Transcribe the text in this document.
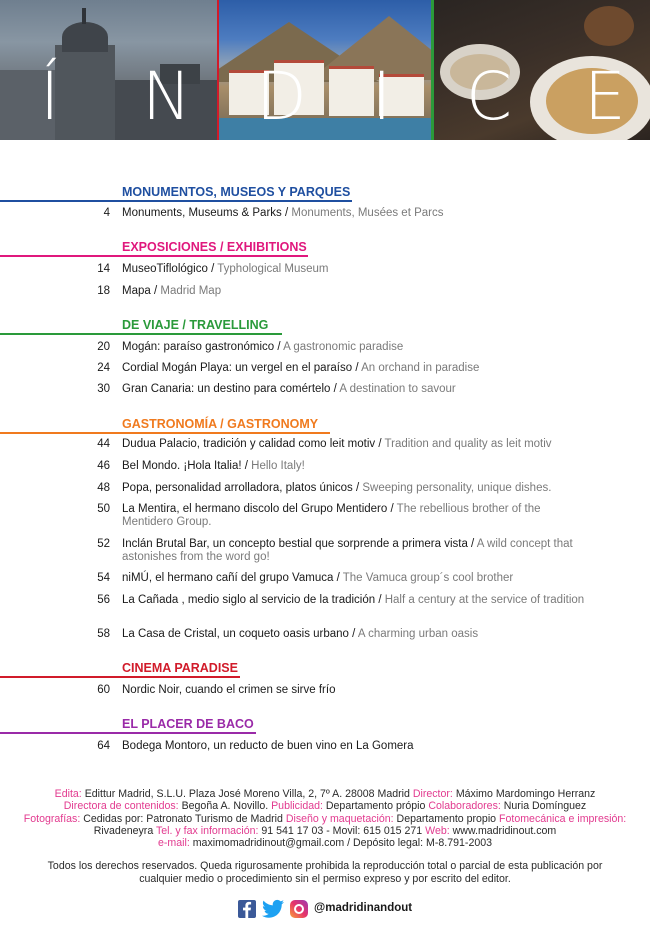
Í N D I C E
MONUMENTOS, MUSEOS Y PARQUES
4 Monuments, Museums & Parks / Monuments, Musées et Parcs
EXPOSICIONES / EXHIBITIONS
14 MuseoTiflológico / Typhological Museum
18 Mapa / Madrid Map
DE VIAJE / TRAVELLING
20 Mogán: paraíso gastronómico / A gastronomic paradise
24 Cordial Mogán Playa: un vergel en el paraíso / An orchand in paradise
30 Gran Canaria: un destino para comértelo / A destination to savour
GASTRONOMÍA / GASTRONOMY
44 Dudua Palacio, tradición y calidad como leit motiv / Tradition and quality as leit motiv
46 Bel Mondo. ¡Hola Italia! / Hello Italy!
48 Popa, personalidad arrolladora, platos únicos / Sweeping personality, unique dishes.
50 La Mentira, el hermano discolo del Grupo Mentidero / The rebellious brother of the Mentidero Group.
52 Inclán Brutal Bar, un concepto bestial que sorprende a primera vista / A wild concept that astonishes from the word go!
54 niMÚ, el hermano cañí del grupo Vamuca / The Vamuca group´s cool brother
56 La Cañada , medio siglo al servicio de la tradición / Half a century at the service of tradition
58 La Casa de Cristal, un coqueto oasis urbano / A charming urban oasis
CINEMA PARADISE
60 Nordic Noir, cuando el crimen se sirve frío
EL PLACER DE BACO
64 Bodega Montoro, un reducto de buen vino en La Gomera
Edita: Edittur Madrid, S.L.U. Plaza José Moreno Villa, 2, 7º A. 28008 Madrid Director: Máximo Mardomingo Herranz
Directora de contenidos: Begoña A. Novillo. Publicidad: Departamento própio Colaboradores: Nuria Domínguez
Fotografías: Cedidas por: Patronato Turismo de Madrid Diseño y maquetación: Departamento propio Fotomecánica e impresión: Rivadeneyra Tel. y fax información: 91 541 17 03 - Movil: 615 015 271 Web: www.madridinout.com
e-mail: maximomadridinout@gmail.com / Depósito legal: M-8.791-2003
Todos los derechos reservados. Queda rigurosamente prohibida la reproducción total o parcial de esta publicación por cualquier medio o procedimiento sin el permiso expreso y por escrito del editor.
@madridinandout
